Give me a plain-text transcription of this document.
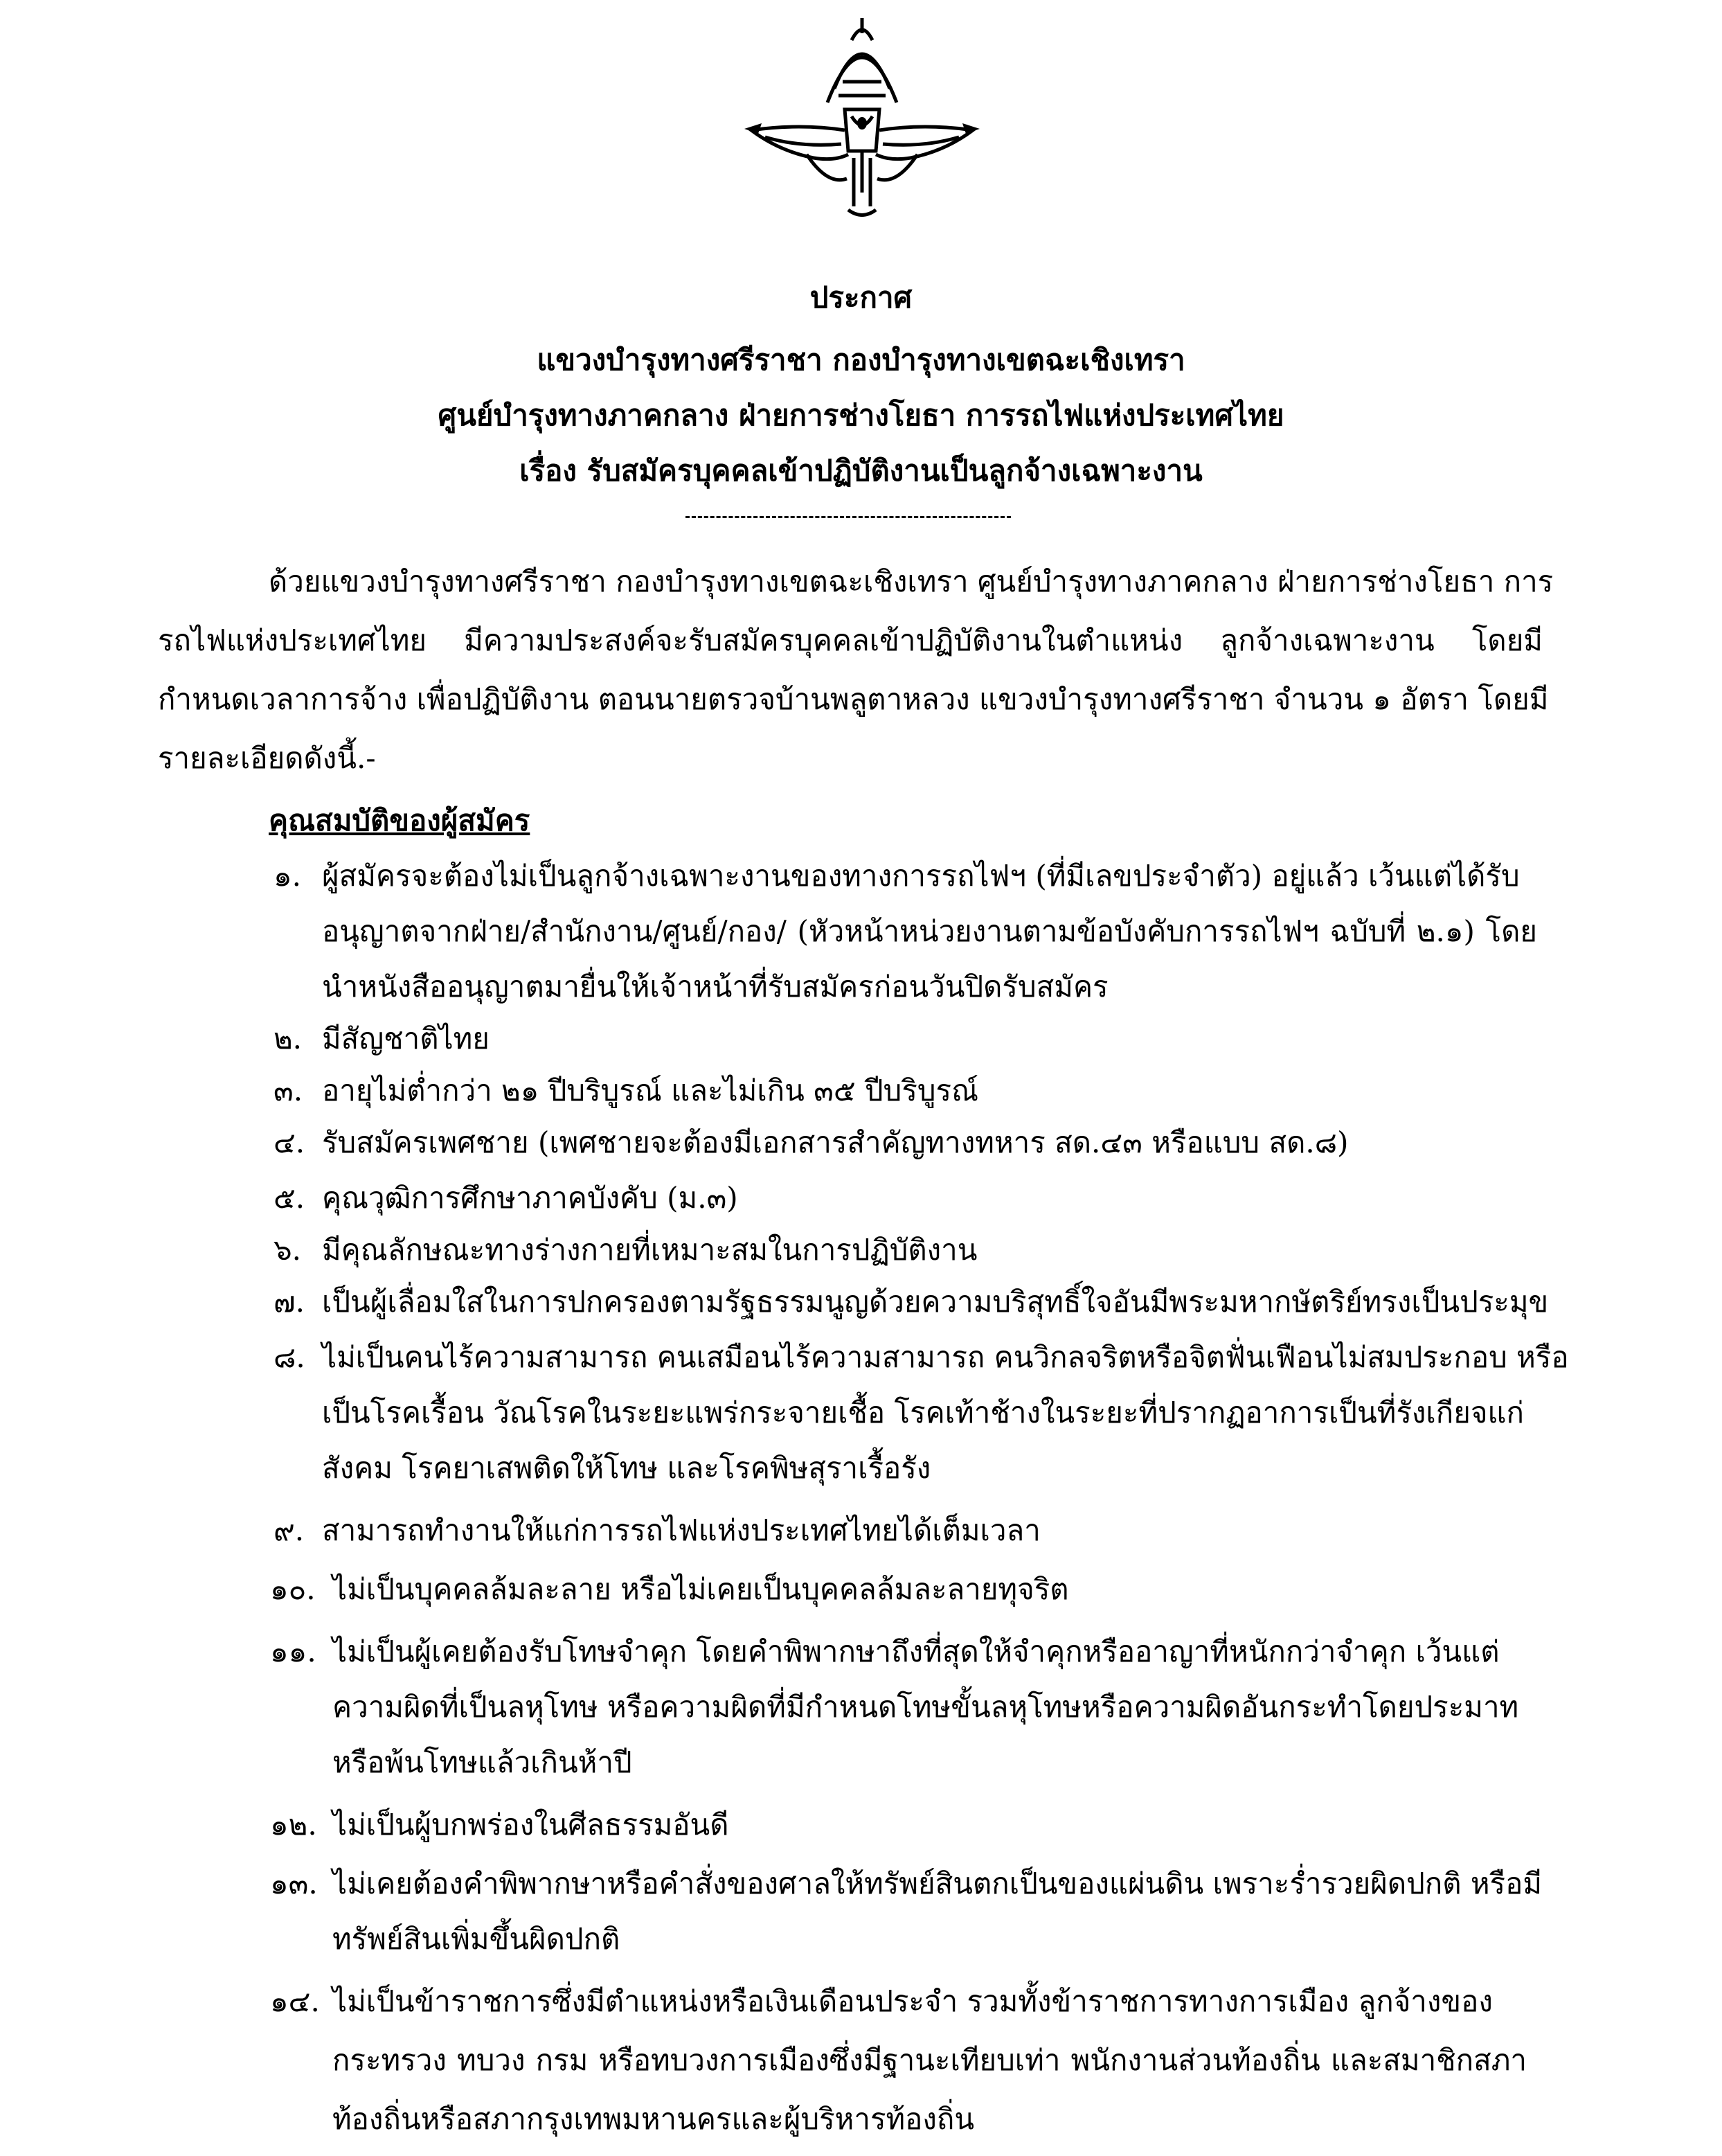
ประกาศ
แขวงบำรุงทางศรีราชา กองบำรุงทางเขตฉะเชิงเทรา
ศูนย์บำรุงทางภาคกลาง ฝ่ายการช่างโยธา การรถไฟแห่งประเทศไทย
เรื่อง รับสมัครบุคคลเข้าปฏิบัติงานเป็นลูกจ้างเฉพาะงาน
ด้วยแขวงบำรุงทางศรีราชา กองบำรุงทางเขตฉะเชิงเทรา ศูนย์บำรุงทางภาคกลาง ฝ่ายการช่างโยธา การ
รถไฟแห่งประเทศไทย มีความประสงค์จะรับสมัครบุคคลเข้าปฏิบัติงานในตำแหน่ง ลูกจ้างเฉพาะงาน โดยมี
กำหนดเวลาการจ้าง เพื่อปฏิบัติงาน ตอนนายตรวจบ้านพลูตาหลวง แขวงบำรุงทางศรีราชา จำนวน ๑ อัตรา โดยมี
รายละเอียดดังนี้.-
คุณสมบัติของผู้สมัคร
๑. ผู้สมัครจะต้องไม่เป็นลูกจ้างเฉพาะงานของทางการรถไฟฯ (ที่มีเลขประจำตัว) อยู่แล้ว เว้นแต่ได้รับ
อนุญาตจากฝ่าย/สำนักงาน/ศูนย์/กอง/ (หัวหน้าหน่วยงานตามข้อบังคับการรถไฟฯ ฉบับที่ ๒.๑) โดย
นำหนังสืออนุญาตมายื่นให้เจ้าหน้าที่รับสมัครก่อนวันปิดรับสมัคร
๒. มีสัญชาติไทย
๓. อายุไม่ต่ำกว่า ๒๑ ปีบริบูรณ์ และไม่เกิน ๓๕ ปีบริบูรณ์
๔. รับสมัครเพศชาย (เพศชายจะต้องมีเอกสารสำคัญทางทหาร สด.๔๓ หรือแบบ สด.๘)
๕. คุณวุฒิการศึกษาภาคบังคับ (ม.๓)
๖. มีคุณลักษณะทางร่างกายที่เหมาะสมในการปฏิบัติงาน
๗. เป็นผู้เลื่อมใสในการปกครองตามรัฐธรรมนูญด้วยความบริสุทธิ์ใจอันมีพระมหากษัตริย์ทรงเป็นประมุข
๘. ไม่เป็นคนไร้ความสามารถ คนเสมือนไร้ความสามารถ คนวิกลจริตหรือจิตฟั่นเฟือนไม่สมประกอบ หรือ
เป็นโรคเรื้อน วัณโรคในระยะแพร่กระจายเชื้อ โรคเท้าช้างในระยะที่ปรากฏอาการเป็นที่รังเกียจแก่
สังคม โรคยาเสพติดให้โทษ และโรคพิษสุราเรื้อรัง
๙. สามารถทำงานให้แก่การรถไฟแห่งประเทศไทยได้เต็มเวลา
๑๐. ไม่เป็นบุคคลล้มละลาย หรือไม่เคยเป็นบุคคลล้มละลายทุจริต
๑๑. ไม่เป็นผู้เคยต้องรับโทษจำคุก โดยคำพิพากษาถึงที่สุดให้จำคุกหรืออาญาที่หนักกว่าจำคุก เว้นแต่
ความผิดที่เป็นลหุโทษ หรือความผิดที่มีกำหนดโทษขั้นลหุโทษหรือความผิดอันกระทำโดยประมาท
หรือพ้นโทษแล้วเกินห้าปี
๑๒. ไม่เป็นผู้บกพร่องในศีลธรรมอันดี
๑๓. ไม่เคยต้องคำพิพากษาหรือคำสั่งของศาลให้ทรัพย์สินตกเป็นของแผ่นดิน เพราะร่ำรวยผิดปกติ หรือมี
ทรัพย์สินเพิ่มขึ้นผิดปกติ
๑๔. ไม่เป็นข้าราชการซึ่งมีตำแหน่งหรือเงินเดือนประจำ รวมทั้งข้าราชการทางการเมือง ลูกจ้างของ
กระทรวง ทบวง กรม หรือทบวงการเมืองซึ่งมีฐานะเทียบเท่า พนักงานส่วนท้องถิ่น และสมาชิกสภา
ท้องถิ่นหรือสภากรุงเทพมหานครและผู้บริหารท้องถิ่น
